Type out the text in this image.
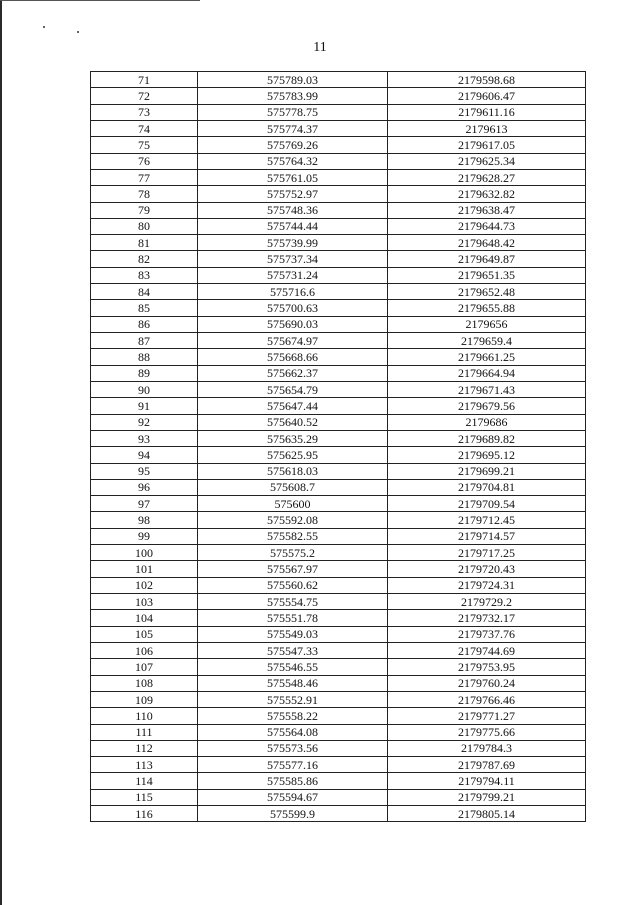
11
71	575789.03	2179598.68
72	575783.99	2179606.47
73	575778.75	2179611.16
74	575774.37	2179613
75	575769.26	2179617.05
76	575764.32	2179625.34
77	575761.05	2179628.27
78	575752.97	2179632.82
79	575748.36	2179638.47
80	575744.44	2179644.73
81	575739.99	2179648.42
82	575737.34	2179649.87
83	575731.24	2179651.35
84	575716.6	2179652.48
85	575700.63	2179655.88
86	575690.03	2179656
87	575674.97	2179659.4
88	575668.66	2179661.25
89	575662.37	2179664.94
90	575654.79	2179671.43
91	575647.44	2179679.56
92	575640.52	2179686
93	575635.29	2179689.82
94	575625.95	2179695.12
95	575618.03	2179699.21
96	575608.7	2179704.81
97	575600	2179709.54
98	575592.08	2179712.45
99	575582.55	2179714.57
100	575575.2	2179717.25
101	575567.97	2179720.43
102	575560.62	2179724.31
103	575554.75	2179729.2
104	575551.78	2179732.17
105	575549.03	2179737.76
106	575547.33	2179744.69
107	575546.55	2179753.95
108	575548.46	2179760.24
109	575552.91	2179766.46
110	575558.22	2179771.27
111	575564.08	2179775.66
112	575573.56	2179784.3
113	575577.16	2179787.69
114	575585.86	2179794.11
115	575594.67	2179799.21
116	575599.9	2179805.14
